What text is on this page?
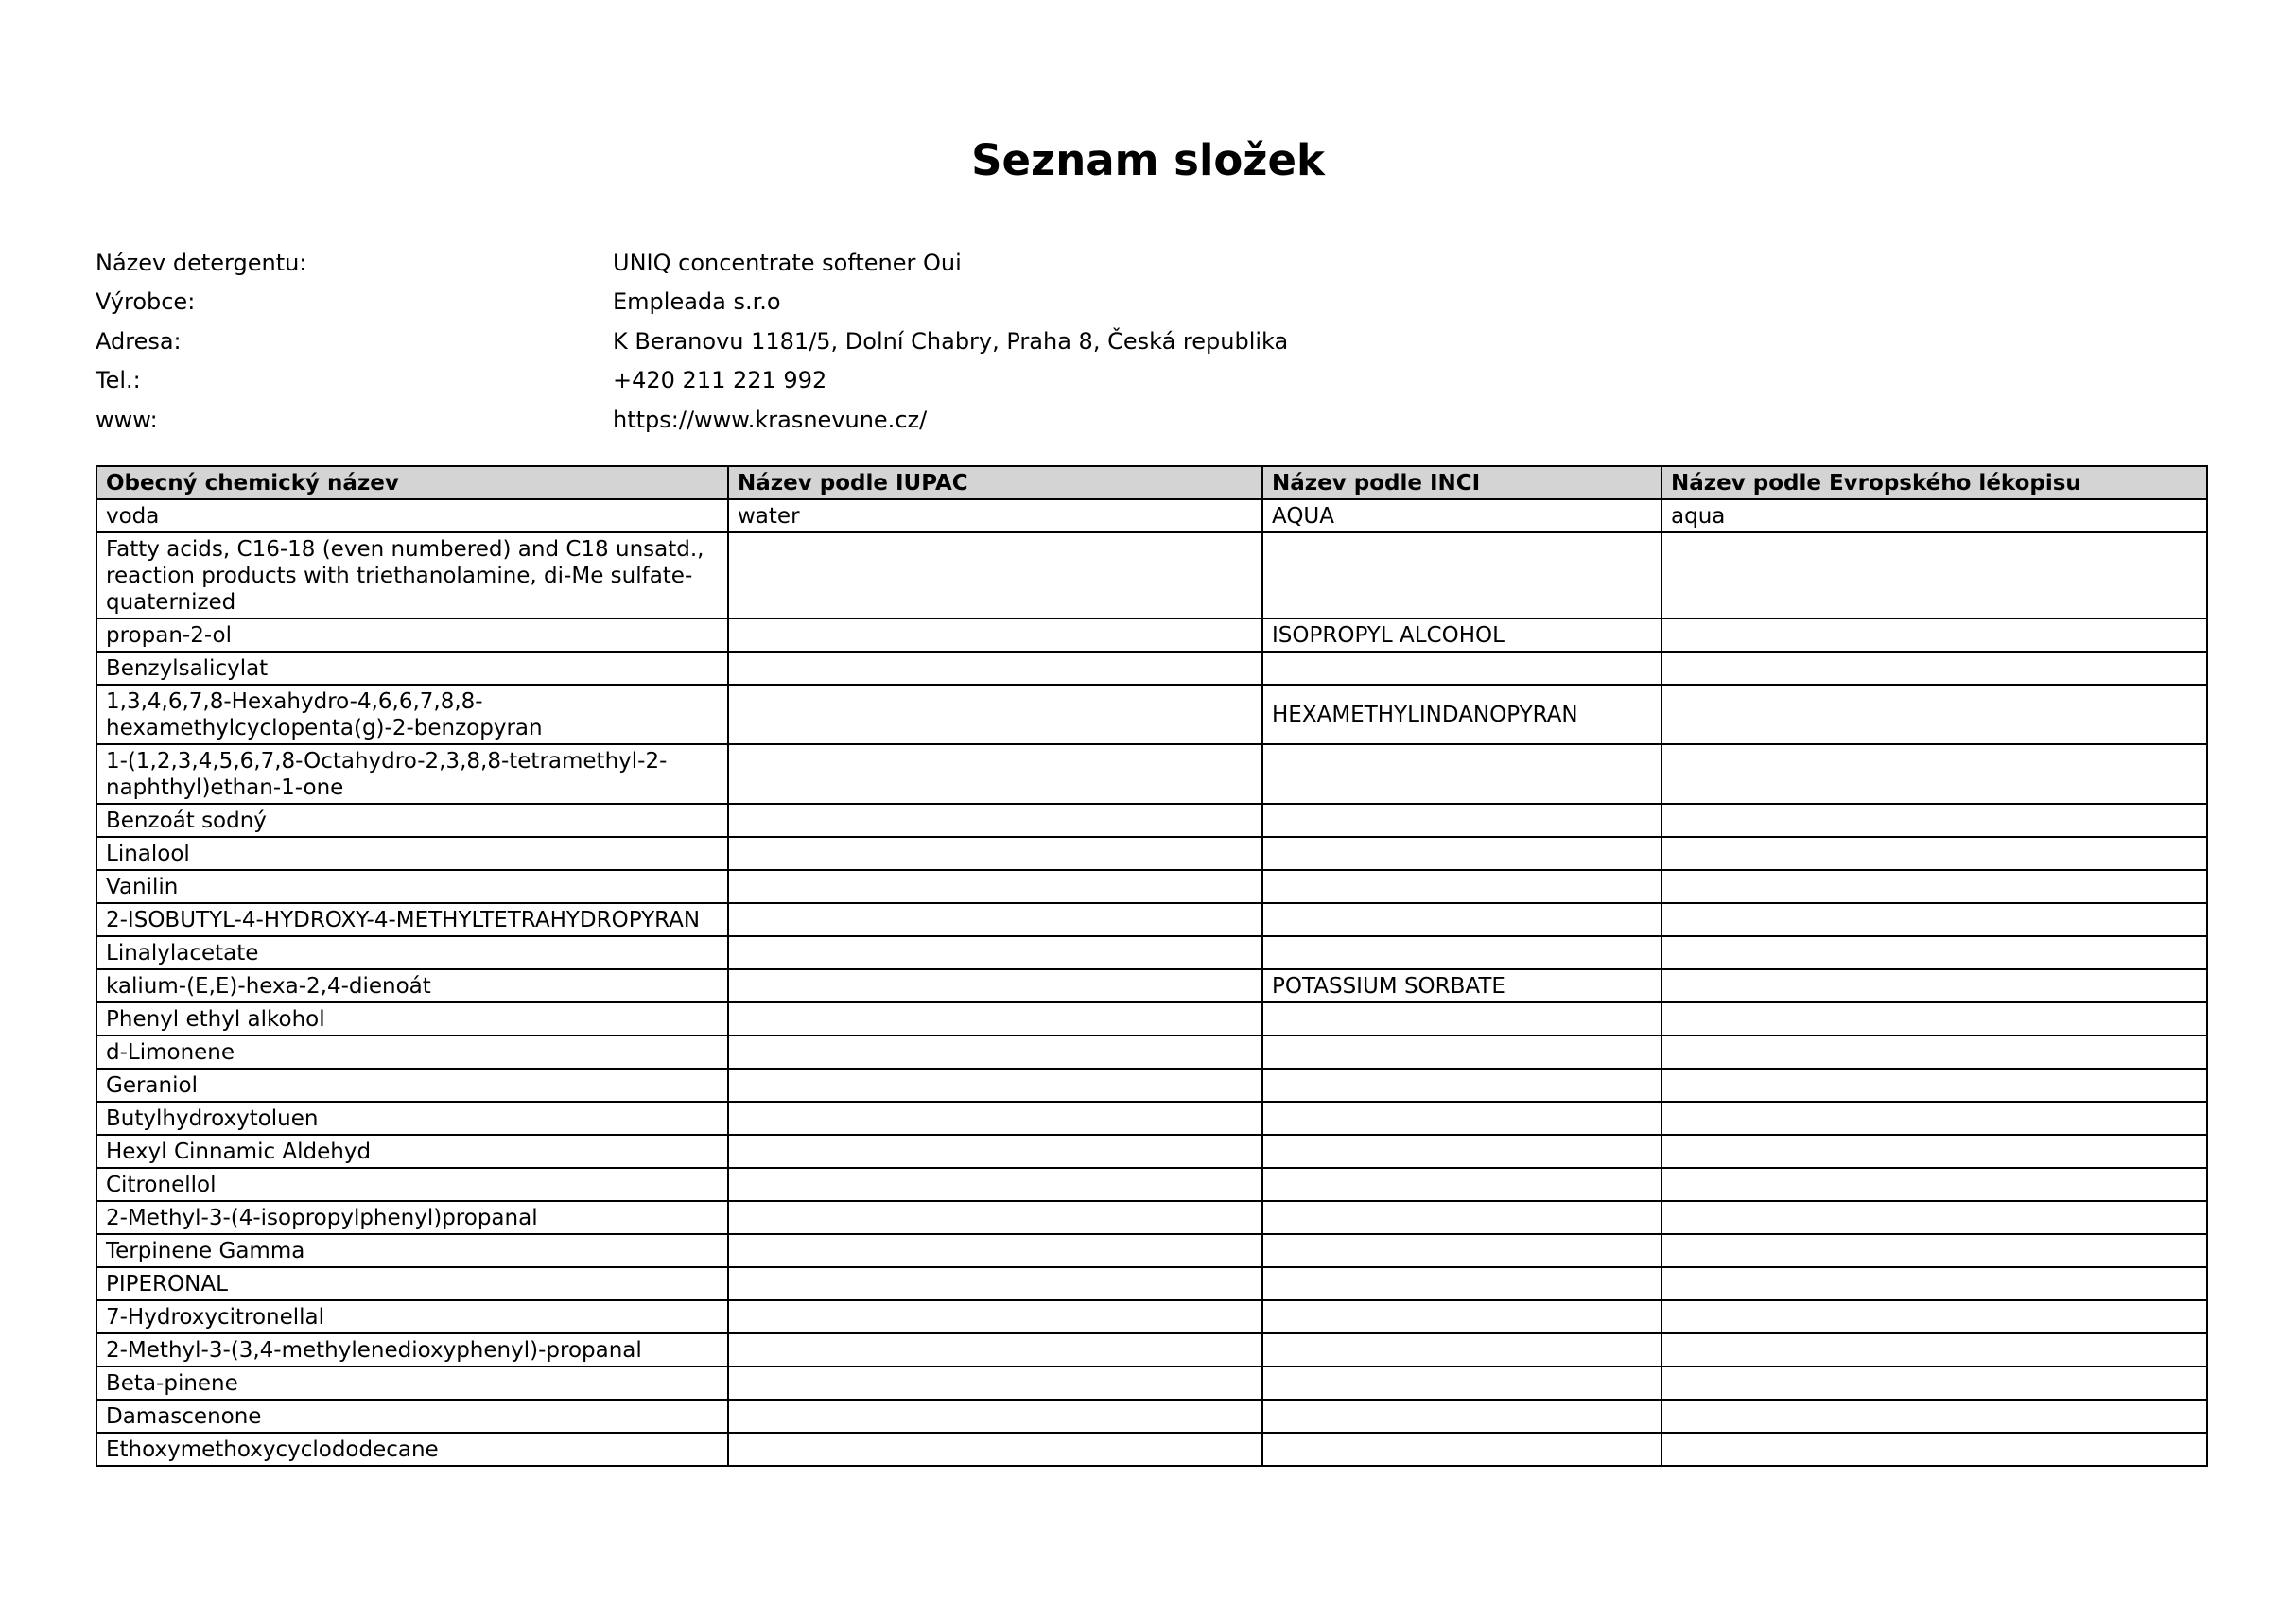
Seznam složek
Název detergentu:	UNIQ concentrate softener Oui
Výrobce:	Empleada s.r.o
Adresa:	K Beranovu 1181/5, Dolní Chabry, Praha 8, Česká republika
Tel.:	+420 211 221 992
www:	https://www.krasnevune.cz/
Obecný chemický název	Název podle IUPAC	Název podle INCI	Název podle Evropského lékopisu
voda	water	AQUA	aqua
Fatty acids, C16-18 (even numbered) and C18 unsatd., reaction products with triethanolamine, di-Me sulfate-quaternized			
propan-2-ol		ISOPROPYL ALCOHOL	
Benzylsalicylat			
1,3,4,6,7,8-Hexahydro-4,6,6,7,8,8-hexamethylcyclopenta(g)-2-benzopyran		HEXAMETHYLINDANOPYRAN	
1-(1,2,3,4,5,6,7,8-Octahydro-2,3,8,8-tetramethyl-2-naphthyl)ethan-1-one			
Benzoát sodný			
Linalool			
Vanilin			
2-ISOBUTYL-4-HYDROXY-4-METHYLTETRAHYDROPYRAN			
Linalylacetate			
kalium-(E,E)-hexa-2,4-dienoát		POTASSIUM SORBATE	
Phenyl ethyl alkohol			
d-Limonene			
Geraniol			
Butylhydroxytoluen			
Hexyl Cinnamic Aldehyd			
Citronellol			
2-Methyl-3-(4-isopropylphenyl)propanal			
Terpinene Gamma			
PIPERONAL			
7-Hydroxycitronellal			
2-Methyl-3-(3,4-methylenedioxyphenyl)-propanal			
Beta-pinene			
Damascenone			
Ethoxymethoxycyclododecane			
